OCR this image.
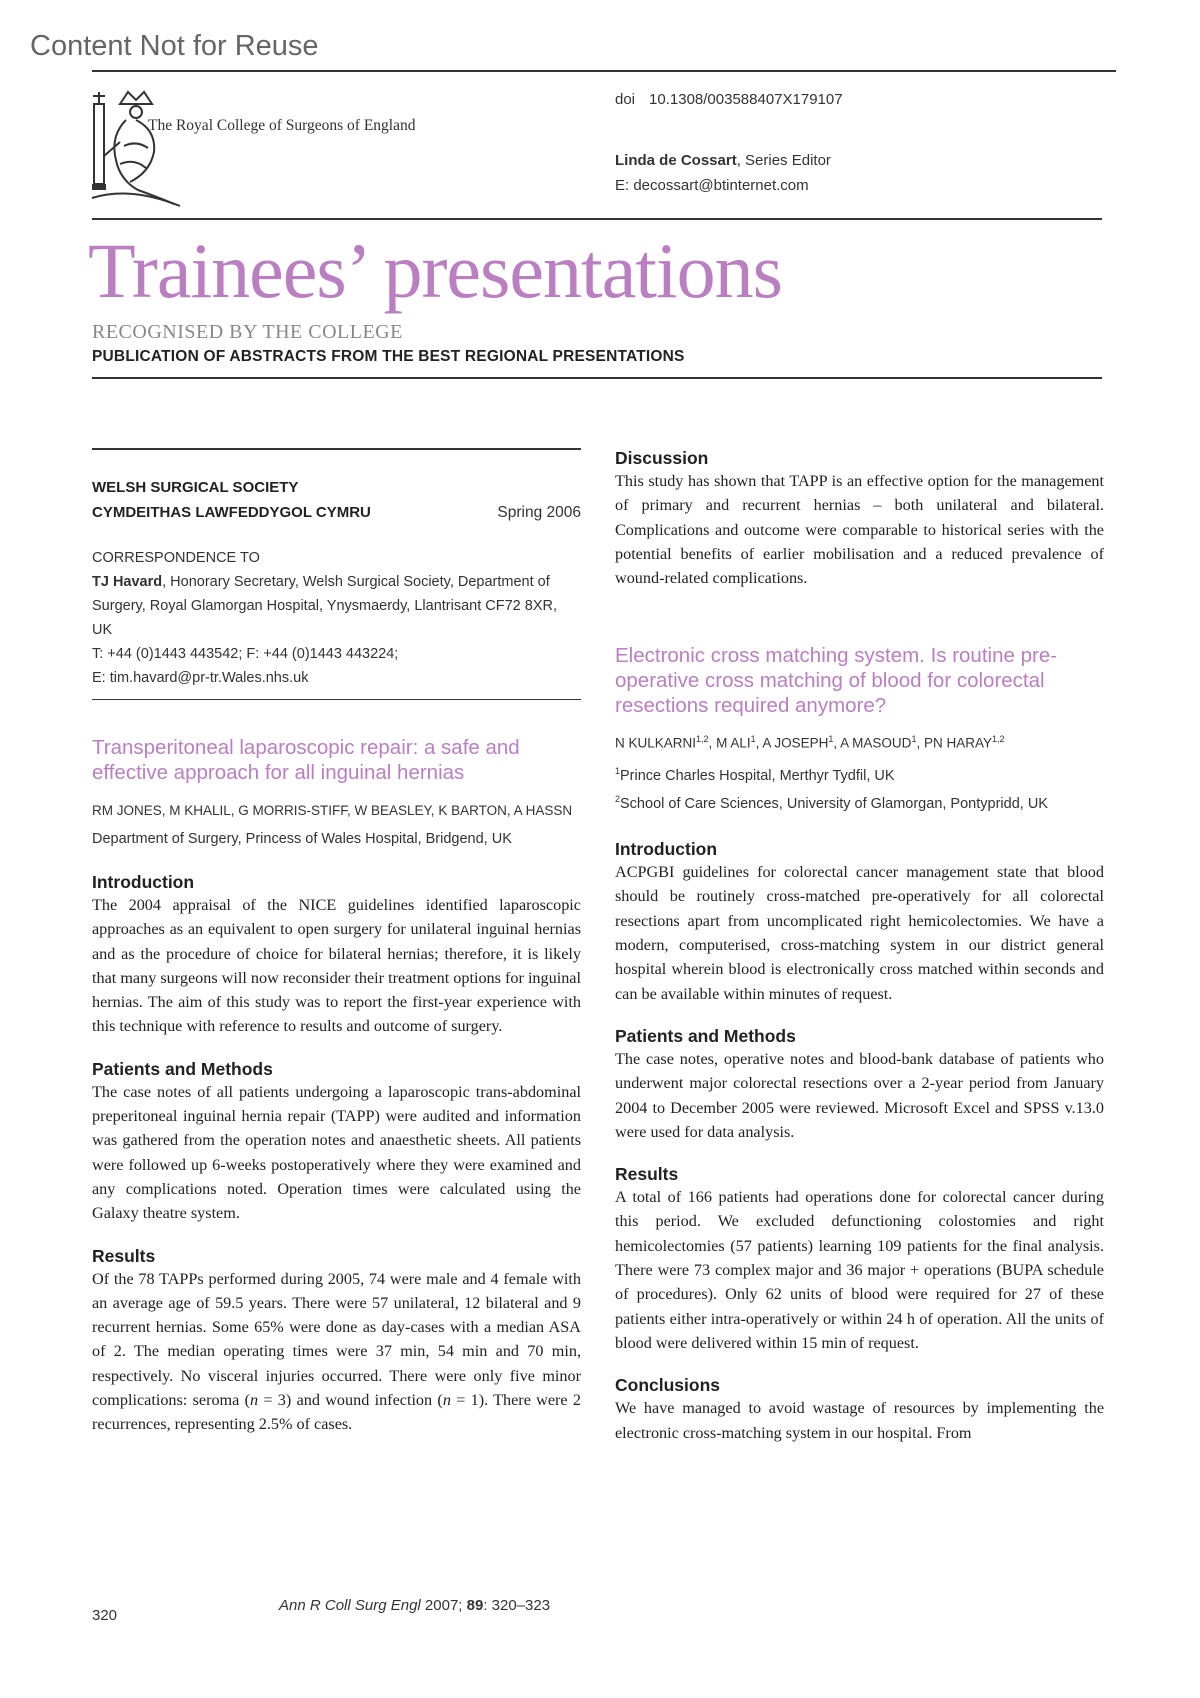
Content Not for Reuse
The Royal College of Surgeons of England
doi 10.1308/003588407X179107
Linda de Cossart, Series Editor
E: decossart@btinternet.com
Trainees’ presentations
RECOGNISED BY THE COLLEGE
PUBLICATION OF ABSTRACTS FROM THE BEST REGIONAL PRESENTATIONS
WELSH SURGICAL SOCIETY
CYMDEITHAS LAWFEDDYGOL CYMRU	Spring 2006
CORRESPONDENCE TO
TJ Havard, Honorary Secretary, Welsh Surgical Society, Department of Surgery, Royal Glamorgan Hospital, Ynysmaerdy, Llantrisant CF72 8XR, UK
T: +44 (0)1443 443542; F: +44 (0)1443 443224;
E: tim.havard@pr-tr.Wales.nhs.uk
Transperitoneal laparoscopic repair: a safe and effective approach for all inguinal hernias
RM JONES, M KHALIL, G MORRIS-STIFF, W BEASLEY, K BARTON, A HASSN
Department of Surgery, Princess of Wales Hospital, Bridgend, UK
Introduction
The 2004 appraisal of the NICE guidelines identified laparoscopic approaches as an equivalent to open surgery for unilateral inguinal hernias and as the procedure of choice for bilateral hernias; therefore, it is likely that many surgeons will now reconsider their treatment options for inguinal hernias. The aim of this study was to report the first-year experience with this technique with reference to results and outcome of surgery.
Patients and Methods
The case notes of all patients undergoing a laparoscopic trans-abdominal preperitoneal inguinal hernia repair (TAPP) were audited and information was gathered from the operation notes and anaesthetic sheets. All patients were followed up 6-weeks postoperatively where they were examined and any complications noted. Operation times were calculated using the Galaxy theatre system.
Results
Of the 78 TAPPs performed during 2005, 74 were male and 4 female with an average age of 59.5 years. There were 57 unilateral, 12 bilateral and 9 recurrent hernias. Some 65% were done as day-cases with a median ASA of 2. The median operating times were 37 min, 54 min and 70 min, respectively. No visceral injuries occurred. There were only five minor complications: seroma (n = 3) and wound infection (n = 1). There were 2 recurrences, representing 2.5% of cases.
Discussion
This study has shown that TAPP is an effective option for the management of primary and recurrent hernias – both unilateral and bilateral. Complications and outcome were comparable to historical series with the potential benefits of earlier mobilisation and a reduced prevalence of wound-related complications.
Electronic cross matching system. Is routine pre-operative cross matching of blood for colorectal resections required anymore?
N KULKARNI$^{1,2}$, M ALI$^1$, A JOSEPH$^1$, A MASOUD$^1$, PN HARAY$^{1,2}$
$^1$Prince Charles Hospital, Merthyr Tydfil, UK
$^2$School of Care Sciences, University of Glamorgan, Pontypridd, UK
Introduction
ACPGBI guidelines for colorectal cancer management state that blood should be routinely cross-matched pre-operatively for all colorectal resections apart from uncomplicated right hemicolectomies. We have a modern, computerised, cross-matching system in our district general hospital wherein blood is electronically cross matched within seconds and can be available within minutes of request.
Patients and Methods
The case notes, operative notes and blood-bank database of patients who underwent major colorectal resections over a 2-year period from January 2004 to December 2005 were reviewed. Microsoft Excel and SPSS v.13.0 were used for data analysis.
Results
A total of 166 patients had operations done for colorectal cancer during this period. We excluded defunctioning colostomies and right hemicolectomies (57 patients) learning 109 patients for the final analysis. There were 73 complex major and 36 major + operations (BUPA schedule of procedures). Only 62 units of blood were required for 27 of these patients either intra-operatively or within 24 h of operation. All the units of blood were delivered within 15 min of request.
Conclusions
We have managed to avoid wastage of resources by implementing the electronic cross-matching system in our hospital. From
320
Ann R Coll Surg Engl 2007; 89: 320–323
